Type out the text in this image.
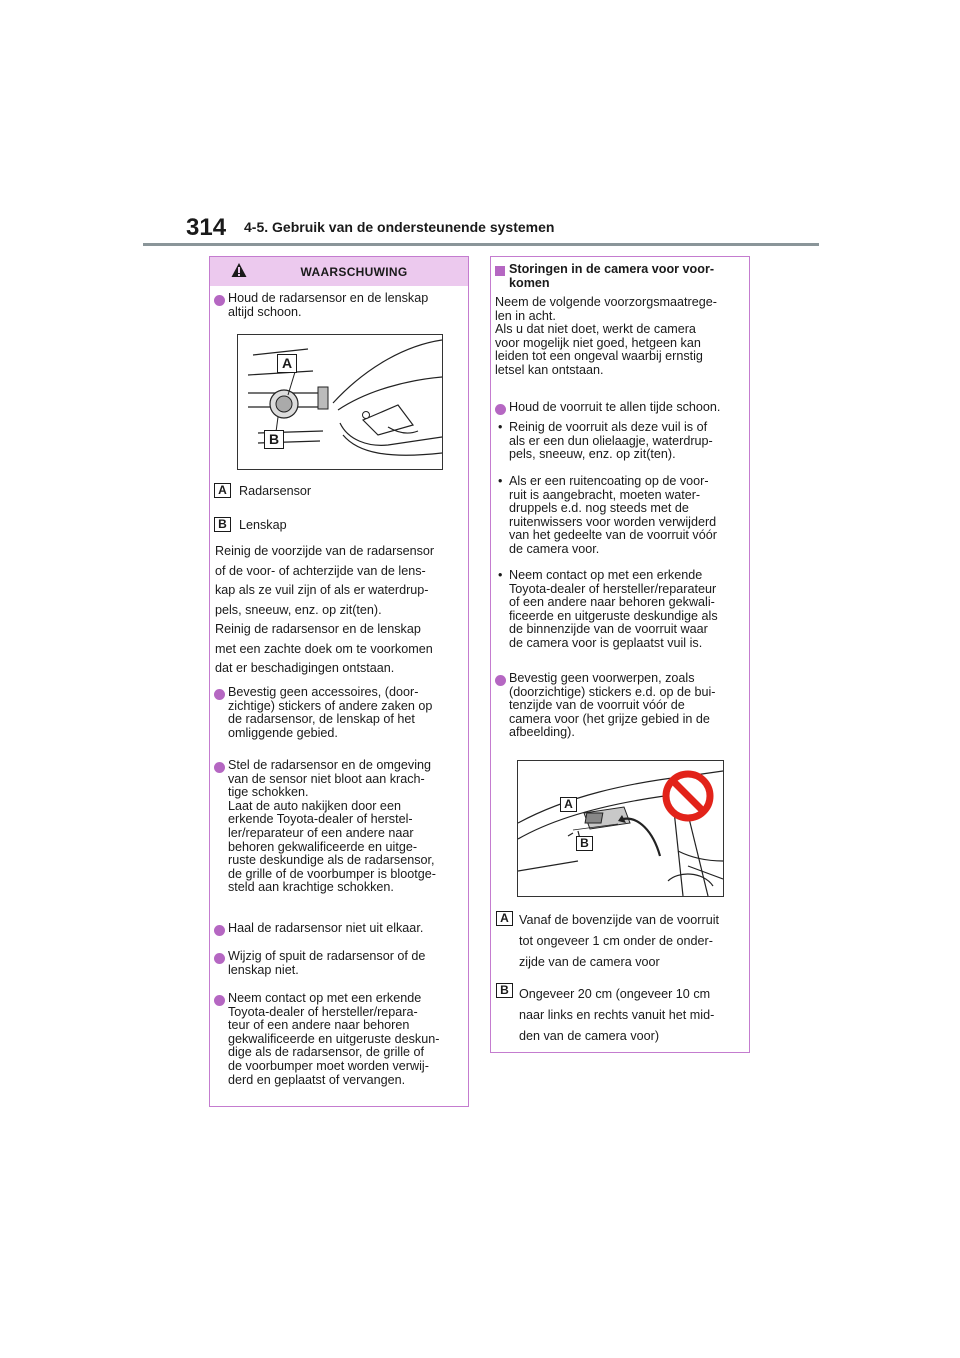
314 4-5. Gebruik van de ondersteunende systemen
WAARSCHUWING
Houd de radarsensor en de lenskap
altijd schoon.
A
B
A Radarsensor
B Lenskap
Reinig de voorzijde van de radarsensor
of de voor- of achterzijde van de lens-
kap als ze vuil zijn of als er waterdrup-
pels, sneeuw, enz. op zit(ten).
Reinig de radarsensor en de lenskap
met een zachte doek om te voorkomen
dat er beschadigingen ontstaan.
Bevestig geen accessoires, (door-
zichtige) stickers of andere zaken op
de radarsensor, de lenskap of het
omliggende gebied.
Stel de radarsensor en de omgeving
van de sensor niet bloot aan krach-
tige schokken.
Laat de auto nakijken door een
erkende Toyota-dealer of herstel-
ler/reparateur of een andere naar
behoren gekwalificeerde en uitge-
ruste deskundige als de radarsensor,
de grille of de voorbumper is blootge-
steld aan krachtige schokken.
Haal de radarsensor niet uit elkaar.
Wijzig of spuit de radarsensor of de
lenskap niet.
Neem contact op met een erkende
Toyota-dealer of hersteller/repara-
teur of een andere naar behoren
gekwalificeerde en uitgeruste deskun-
dige als de radarsensor, de grille of
de voorbumper moet worden verwij-
derd en geplaatst of vervangen.
Storingen in de camera voor voor-
komen
Neem de volgende voorzorgsmaatrege-
len in acht.
Als u dat niet doet, werkt de camera
voor mogelijk niet goed, hetgeen kan
leiden tot een ongeval waarbij ernstig
letsel kan ontstaan.
Houd de voorruit te allen tijde schoon.
• Reinig de voorruit als deze vuil is of
als er een dun olielaagje, waterdrup-
pels, sneeuw, enz. op zit(ten).
• Als er een ruitencoating op de voor-
ruit is aangebracht, moeten water-
druppels e.d. nog steeds met de
ruitenwissers voor worden verwijderd
van het gedeelte van de voorruit vóór
de camera voor.
• Neem contact op met een erkende
Toyota-dealer of hersteller/reparateur
of een andere naar behoren gekwali-
ficeerde en uitgeruste deskundige als
de binnenzijde van de voorruit waar
de camera voor is geplaatst vuil is.
Bevestig geen voorwerpen, zoals
(doorzichtige) stickers e.d. op de bui-
tenzijde van de voorruit vóór de
camera voor (het grijze gebied in de
afbeelding).
A
B
A Vanaf de bovenzijde van de voorruit
tot ongeveer 1 cm onder de onder-
zijde van de camera voor
B Ongeveer 20 cm (ongeveer 10 cm
naar links en rechts vanuit het mid-
den van de camera voor)
